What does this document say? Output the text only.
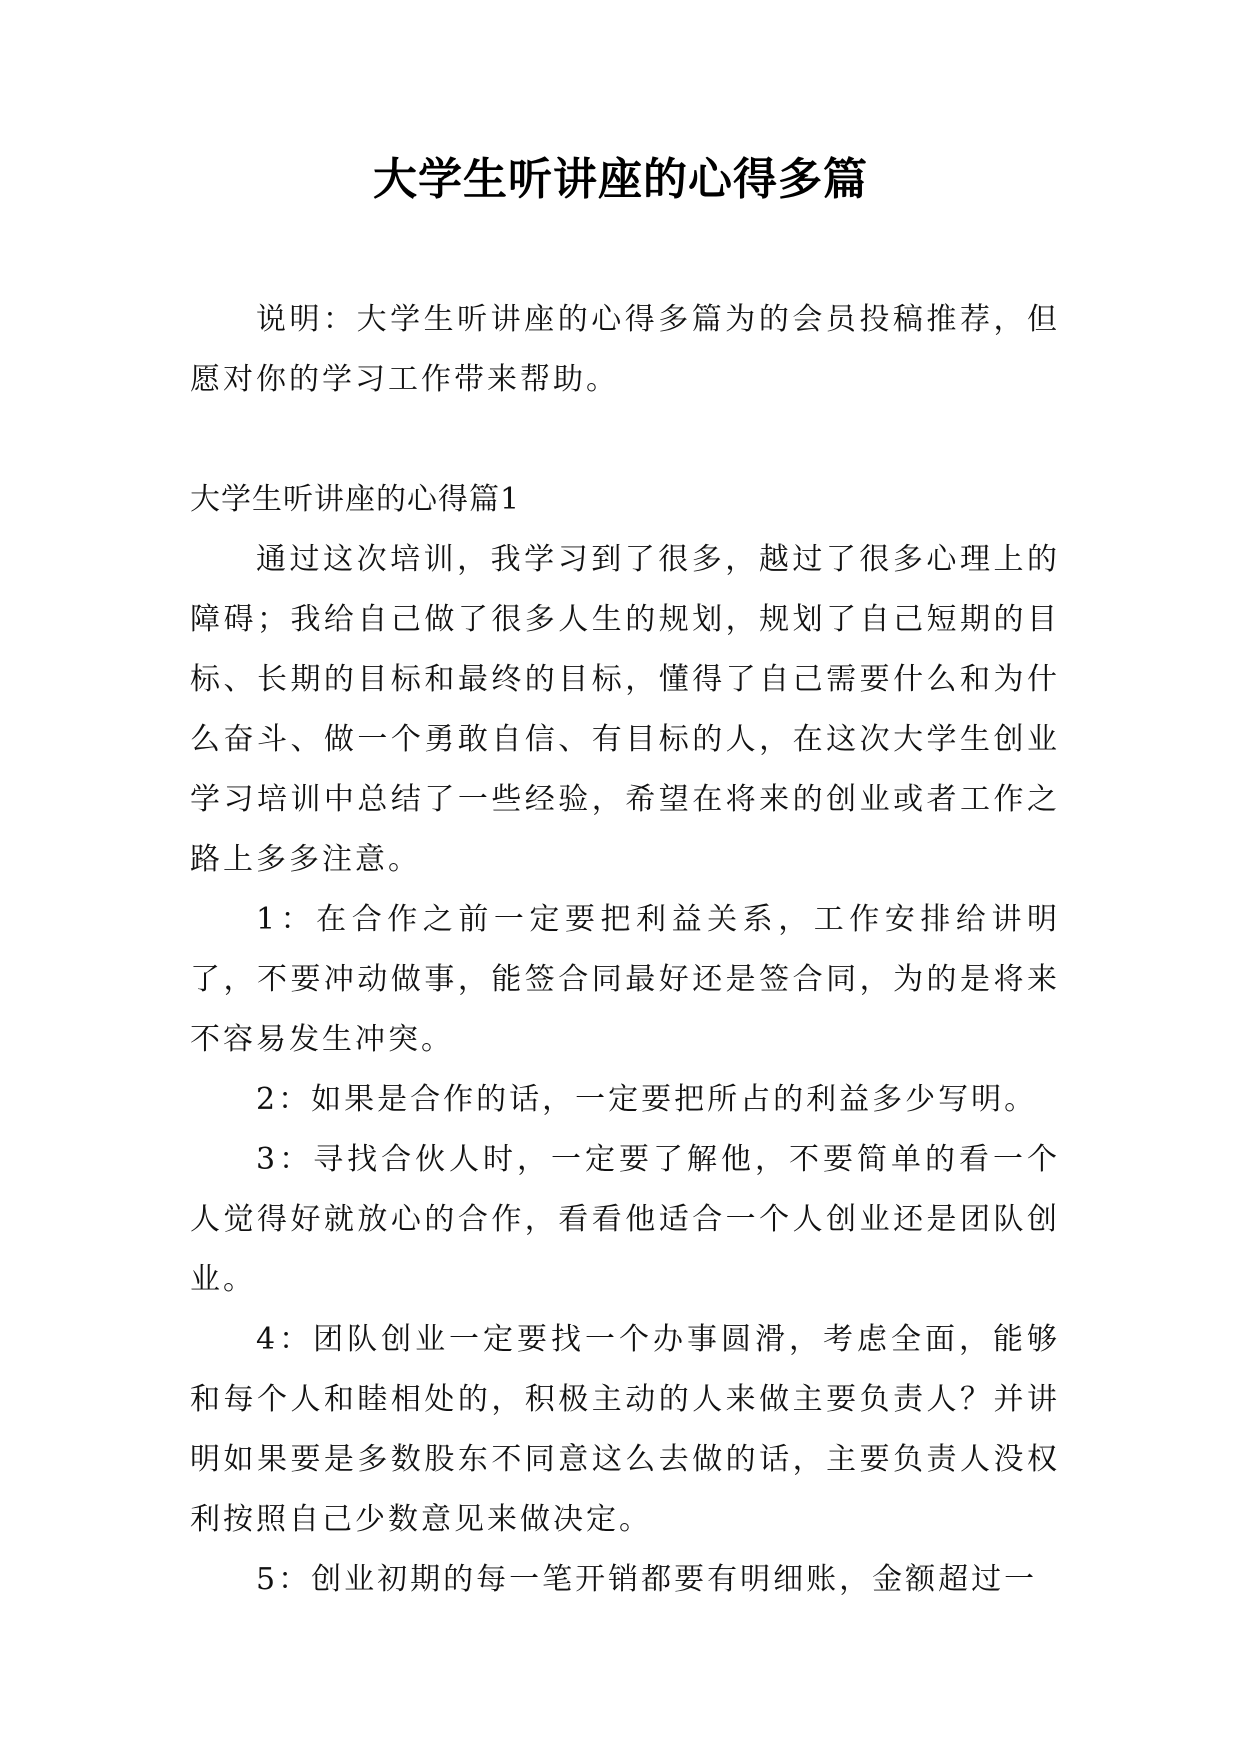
大学生听讲座的心得多篇

说明：大学生听讲座的心得多篇为的会员投稿推荐，但愿对你的学习工作带来帮助。

大学生听讲座的心得篇1

通过这次培训，我学习到了很多，越过了很多心理上的障碍；我给自己做了很多人生的规划，规划了自己短期的目标、长期的目标和最终的目标，懂得了自己需要什么和为什么奋斗、做一个勇敢自信、有目标的人，在这次大学生创业学习培训中总结了一些经验，希望在将来的创业或者工作之路上多多注意。

1：在合作之前一定要把利益关系，工作安排给讲明了，不要冲动做事，能签合同最好还是签合同，为的是将来不容易发生冲突。

2：如果是合作的话，一定要把所占的利益多少写明。

3：寻找合伙人时，一定要了解他，不要简单的看一个人觉得好就放心的合作，看看他适合一个人创业还是团队创业。

4：团队创业一定要找一个办事圆滑，考虑全面，能够和每个人和睦相处的，积极主动的人来做主要负责人？并讲明如果要是多数股东不同意这么去做的话，主要负责人没权利按照自己少数意见来做决定。

5：创业初期的每一笔开销都要有明细账，金额超过一
